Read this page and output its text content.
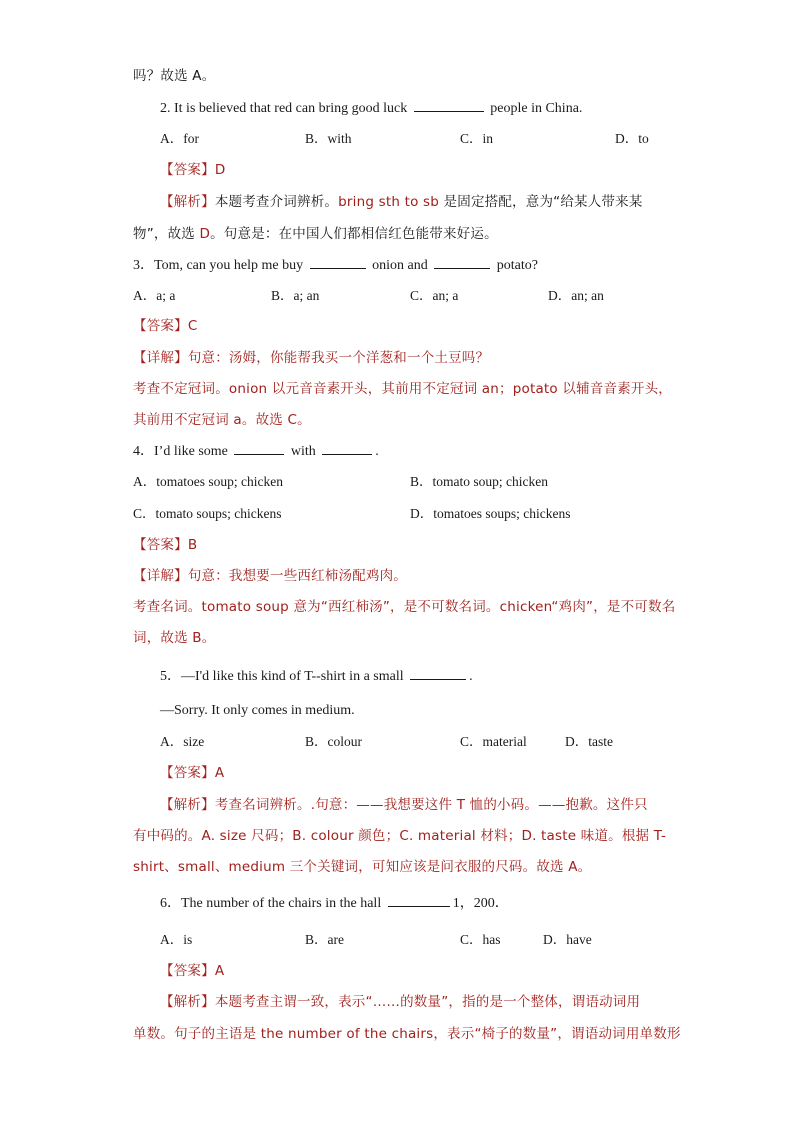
吗？故选 A。
2. It is believed that red can bring good luck	people in China.
A．for	B．with	C．in	D．to
【答案】D
【解析】本题考查介词辨析。bring sth to sb 是固定搭配，意为“给某人带来某
物”，故选 D。句意是：在中国人们都相信红色能带来好运。
3．Tom, can you help me buy	onion and	potato?
A．a; a	B．a; an	C．an; a	D．an; an
【答案】C
【详解】句意：汤姆，你能帮我买一个洋葱和一个土豆吗？
考查不定冠词。onion 以元音音素开头，其前用不定冠词 an；potato 以辅音音素开头，
其前用不定冠词 a。故选 C。
4．I’d like some	with	.
A．tomatoes soup; chicken	B．tomato soup; chicken
C．tomato soups; chickens	D．tomatoes soups; chickens
【答案】B
【详解】句意：我想要一些西红柿汤配鸡肉。
考查名词。tomato soup 意为“西红柿汤”，是不可数名词。chicken“鸡肉”，是不可数名
词，故选 B。
5．—I'd like this kind of T--shirt in a small	.
—Sorry. It only comes in medium.
A．size	B．colour	C．material	D．taste
【答案】A
【解析】考查名词辨析。.句意：——我想要这件 T 恤的小码。——抱歉。这件只
有中码的。A. size 尺码；B. colour 颜色；C. material 材料；D. taste 味道。根据 T-
shirt、small、medium 三个关键词，可知应该是问衣服的尺码。故选 A。
6．The number of the chairs in the hall	1，200．
A．is	B．are	C．has	D．have
【答案】A
【解析】本题考查主谓一致，表示“……的数量”，指的是一个整体，谓语动词用
单数。句子的主语是 the number of the chairs，表示“椅子的数量”，谓语动词用单数形
